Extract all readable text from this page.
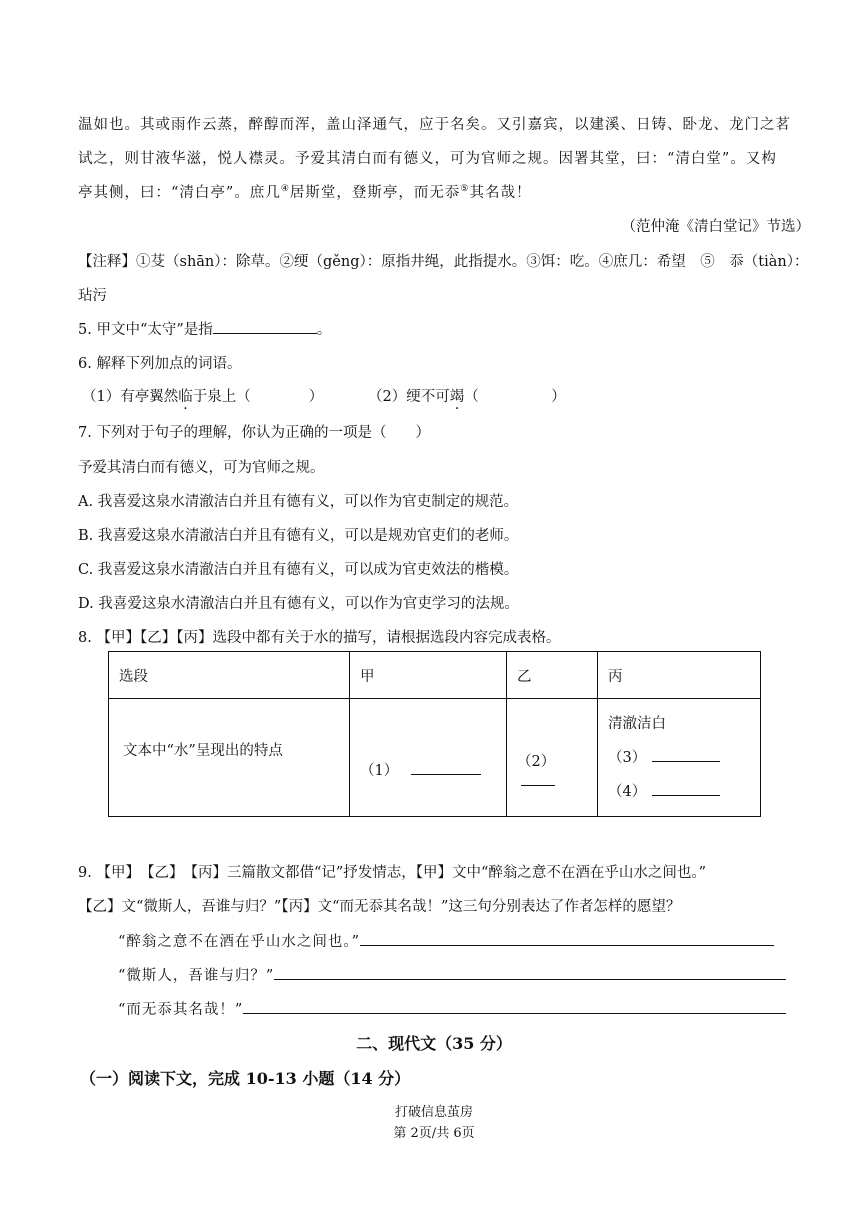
温如也。其或雨作云蒸，醉醇而浑，盖山泽通气，应于名矣。又引嘉宾，以建溪、日铸、卧龙、龙门之茗
试之，则甘液华滋，悦人襟灵。予爱其清白而有德义，可为官师之规。因署其堂，曰：“清白堂”。又构
亭其侧，曰：“清白亭”。庶几④居斯堂，登斯亭，而无忝⑤其名哉！
（范仲淹《清白堂记》节选）
【注释】①芟（shān）：除草。②绠（gěng）：原指井绳，此指提水。③饵：吃。④庶几：希望　⑤　忝（tiàn）：
玷污
5. 甲文中“太守”是指	。
6. 解释下列加点的词语。
（1）有亭翼然临于泉上（　　　　）	（2）绠不可竭（　　　　　）
7. 下列对于句子的理解，你认为正确的一项是（　　）
予爱其清白而有德义，可为官师之规。
A. 我喜爱这泉水清澈洁白并且有德有义，可以作为官吏制定的规范。
B. 我喜爱这泉水清澈洁白并且有德有义，可以是规劝官吏们的老师。
C. 我喜爱这泉水清澈洁白并且有德有义，可以成为官吏效法的楷模。
D. 我喜爱这泉水清澈洁白并且有德有义，可以作为官吏学习的法规。
8. 【甲】【乙】【丙】选段中都有关于水的描写，请根据选段内容完成表格。
选段	甲	乙	丙
文本中“水”呈现出的特点	（1）	（2）	清澈洁白
（3）
（4）
9. 【甲】　【乙】　【丙】三篇散文都借“记”抒发情志，【甲】文中“醉翁之意不在酒在乎山水之间也。”
【乙】文“微斯人，吾谁与归？”【丙】文“而无忝其名哉！”这三句分别表达了作者怎样的愿望？
“醉翁之意不在酒在乎山水之间也。”
“微斯人，吾谁与归？”
“而无忝其名哉！”
二、现代文（35 分）
（一）阅读下文，完成 10-13 小题（14 分）
打破信息茧房
第 2页/共 6页
